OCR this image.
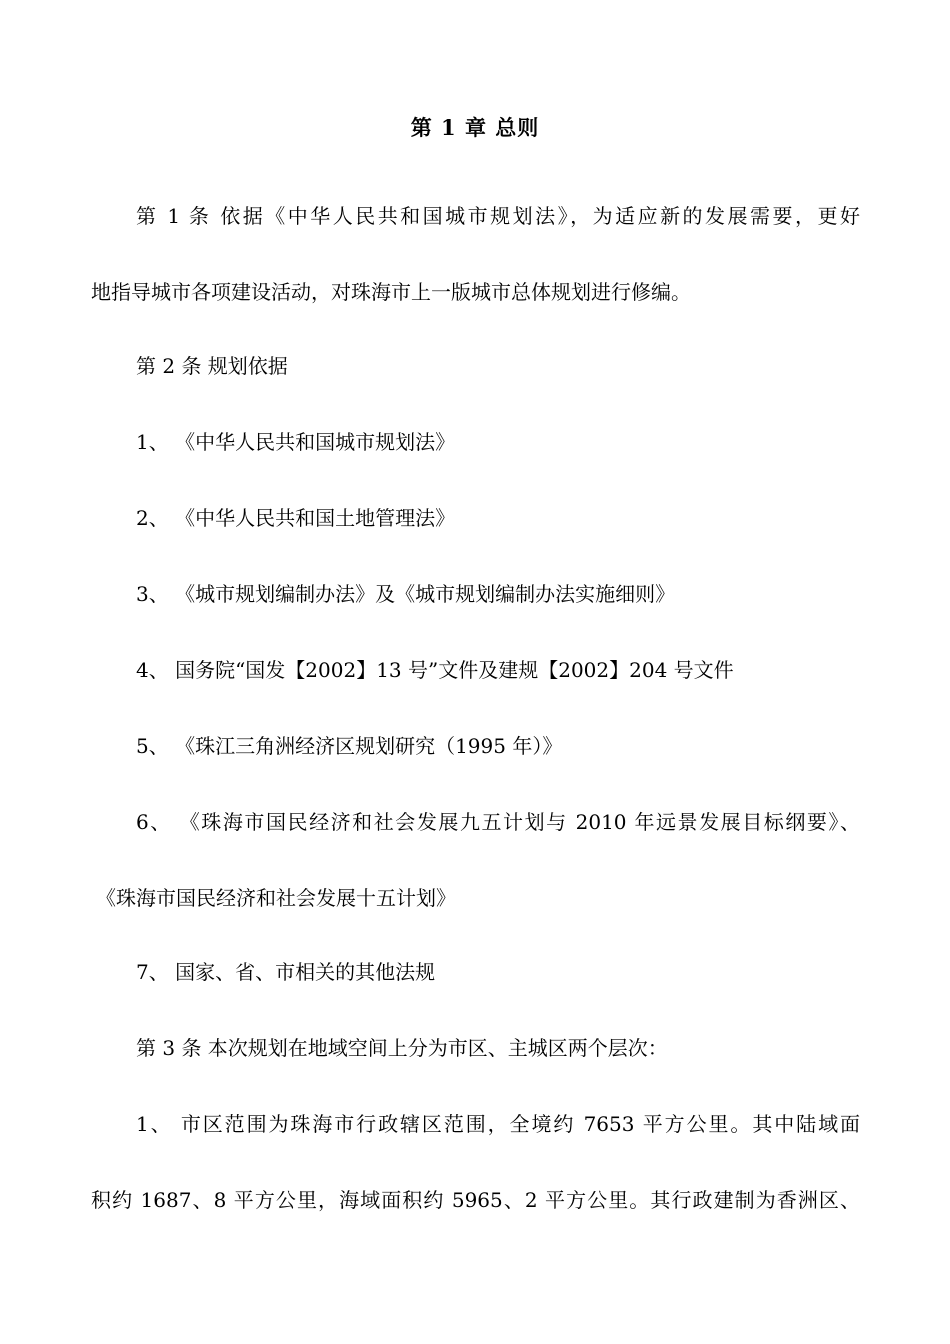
第 1 章 总则
第 1 条 依据《中华人民共和国城市规划法》，为适应新的发展需要，更好
地指导城市各项建设活动，对珠海市上一版城市总体规划进行修编。
第 2 条 规划依据
1、 《中华人民共和国城市规划法》
2、 《中华人民共和国土地管理法》
3、 《城市规划编制办法》及《城市规划编制办法实施细则》
4、 国务院“国发【2002】13 号”文件及建规【2002】204 号文件
5、 《珠江三角洲经济区规划研究（1995 年）》
6、 《珠海市国民经济和社会发展九五计划与 2010 年远景发展目标纲要》、
《珠海市国民经济和社会发展十五计划》
7、 国家、省、市相关的其他法规
第 3 条 本次规划在地域空间上分为市区、主城区两个层次：
1、 市区范围为珠海市行政辖区范围，全境约 7653 平方公里。其中陆域面
积约 1687、8 平方公里，海域面积约 5965、2 平方公里。其行政建制为香洲区、
